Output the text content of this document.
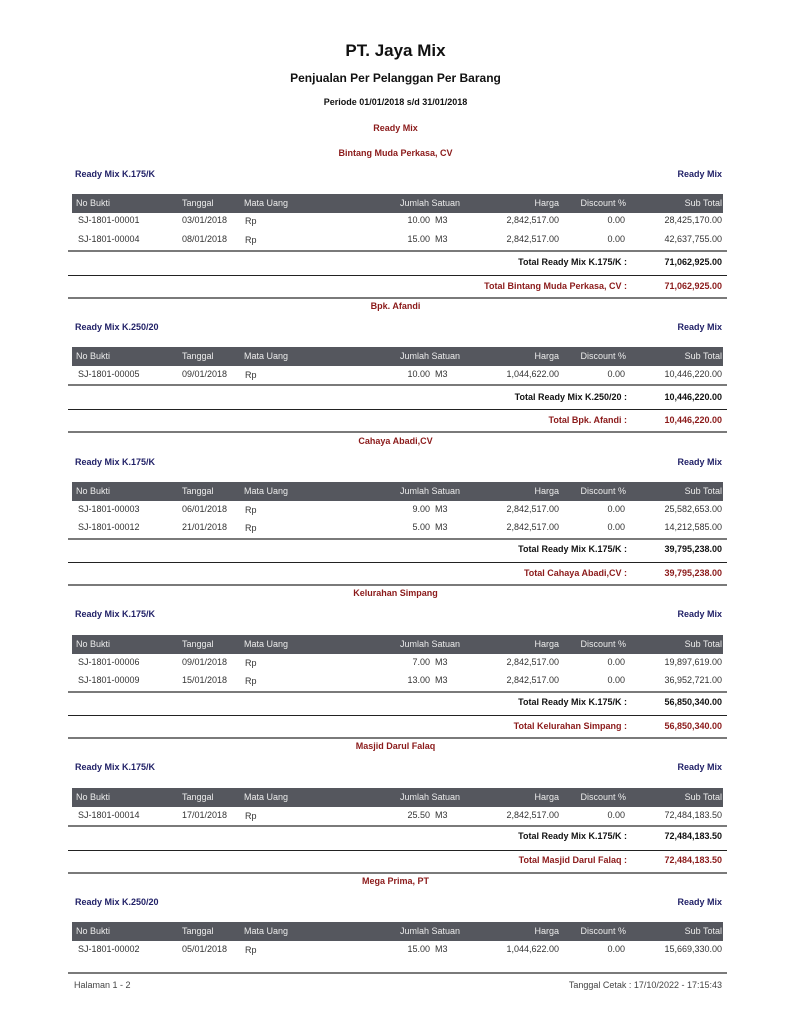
PT. Jaya Mix
Penjualan Per Pelanggan Per Barang
Periode 01/01/2018 s/d 31/01/2018
Ready Mix
Bintang Muda Perkasa, CV
Ready Mix K.175/K	Ready Mix
No Bukti	Tanggal	Mata Uang	Jumlah Satuan	Harga Discount %	Sub Total
SJ-1801-00001	03/01/2018 Rp	10.00 M3	2,842,517.00	0.00	28,425,170.00
SJ-1801-00004	08/01/2018 Rp	15.00 M3	2,842,517.00	0.00	42,637,755.00
Total Ready Mix K.175/K :	71,062,925.00
Total Bintang Muda Perkasa, CV :	71,062,925.00
Bpk. Afandi
Ready Mix K.250/20	Ready Mix
No Bukti	Tanggal	Mata Uang	Jumlah Satuan	Harga Discount %	Sub Total
SJ-1801-00005	09/01/2018 Rp	10.00 M3	1,044,622.00	0.00	10,446,220.00
Total Ready Mix K.250/20 :	10,446,220.00
Total Bpk. Afandi :	10,446,220.00
Cahaya Abadi,CV
Ready Mix K.175/K	Ready Mix
No Bukti	Tanggal	Mata Uang	Jumlah Satuan	Harga Discount %	Sub Total
SJ-1801-00003	06/01/2018 Rp	9.00 M3	2,842,517.00	0.00	25,582,653.00
SJ-1801-00012	21/01/2018 Rp	5.00 M3	2,842,517.00	0.00	14,212,585.00
Total Ready Mix K.175/K :	39,795,238.00
Total Cahaya Abadi,CV :	39,795,238.00
Kelurahan Simpang
Ready Mix K.175/K	Ready Mix
No Bukti	Tanggal	Mata Uang	Jumlah Satuan	Harga Discount %	Sub Total
SJ-1801-00006	09/01/2018 Rp	7.00 M3	2,842,517.00	0.00	19,897,619.00
SJ-1801-00009	15/01/2018 Rp	13.00 M3	2,842,517.00	0.00	36,952,721.00
Total Ready Mix K.175/K :	56,850,340.00
Total Kelurahan Simpang :	56,850,340.00
Masjid Darul Falaq
Ready Mix K.175/K	Ready Mix
No Bukti	Tanggal	Mata Uang	Jumlah Satuan	Harga Discount %	Sub Total
SJ-1801-00014	17/01/2018 Rp	25.50 M3	2,842,517.00	0.00	72,484,183.50
Total Ready Mix K.175/K :	72,484,183.50
Total Masjid Darul Falaq :	72,484,183.50
Mega Prima, PT
Ready Mix K.250/20	Ready Mix
No Bukti	Tanggal	Mata Uang	Jumlah Satuan	Harga Discount %	Sub Total
SJ-1801-00002	05/01/2018 Rp	15.00 M3	1,044,622.00	0.00	15,669,330.00
Halaman 1 - 2	Tanggal Cetak : 17/10/2022 - 17:15:43
